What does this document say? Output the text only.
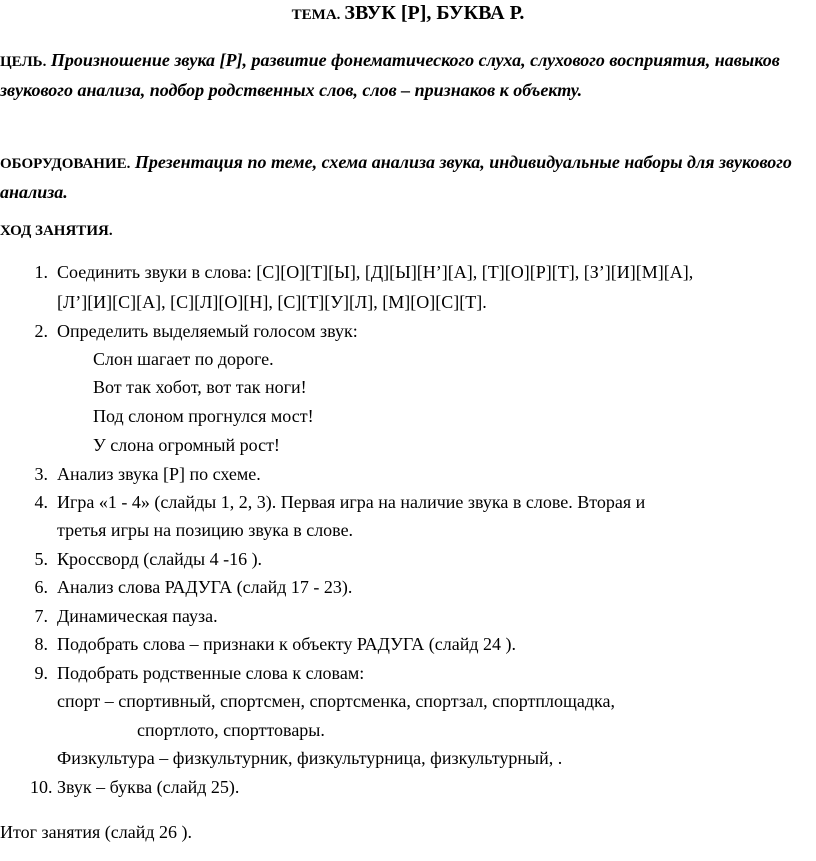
ТЕМА. ЗВУК [Р], БУКВА Р.
ЦЕЛЬ. Произношение звука [Р], развитие фонематического слуха, слухового восприятия, навыков звукового анализа, подбор родственных слов, слов – признаков к объекту.
ОБОРУДОВАНИЕ. Презентация по теме, схема анализа звука, индивидуальные наборы для звукового анализа.
ХОД ЗАНЯТИЯ.
1. Соединить звуки в слова: [С][О][Т][Ы], [Д][Ы][Н’][А], [Т][О][Р][Т], [З’][И][М][А],
[Л’][И][С][А], [С][Л][О][Н], [С][Т][У][Л], [М][О][С][Т].
2. Определить выделяемый голосом звук:
Слон шагает по дороге.
Вот так хобот, вот так ноги!
Под слоном прогнулся мост!
У слона огромный рост!
3. Анализ звука [Р] по схеме.
4. Игра «1 - 4» (слайды 1, 2, 3). Первая игра на наличие звука в слове. Вторая и
третья игры на позицию звука в слове.
5. Кроссворд (слайды 4 -16 ).
6. Анализ слова РАДУГА (слайд 17 - 23).
7. Динамическая пауза.
8. Подобрать слова – признаки к объекту РАДУГА (слайд 24 ).
9. Подобрать родственные слова к словам:
спорт – спортивный, спортсмен, спортсменка, спортзал, спортплощадка,
спортлото, спорттовары.
Физкультура – физкультурник, физкультурница, физкультурный, .
10. Звук – буква (слайд 25).
Итог занятия (слайд 26 ).
